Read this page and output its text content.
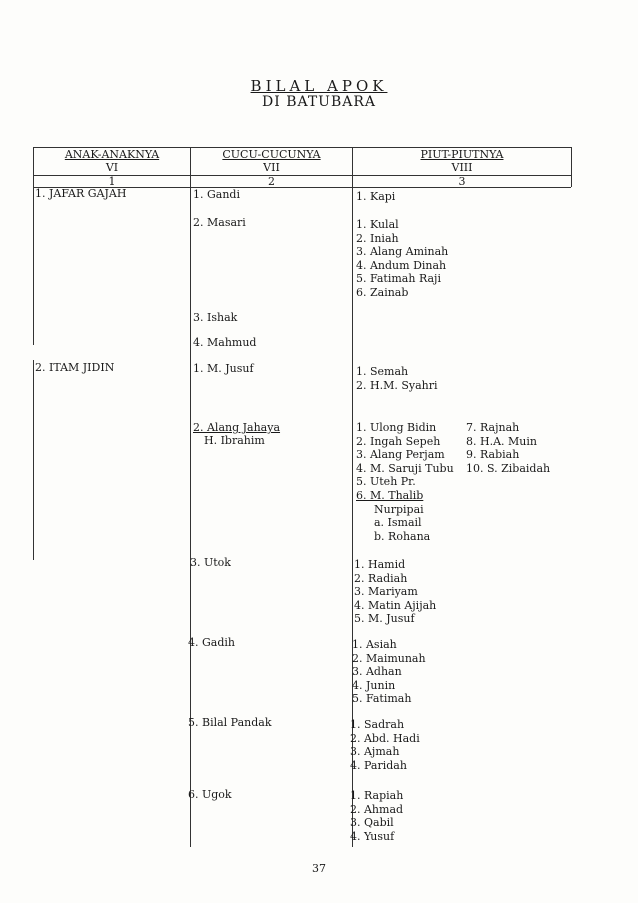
BILAL APOK
DI BATUBARA
ANAK-ANAKNYA
VI
1
CUCU-CUCUNYA
VII
2
PIUT-PIUTNYA
VIII
3
1. JAFAR GAJAH
2. ITAM JIDIN
1. Gandi
2. Masari
3. Ishak
4. Mahmud
1. M. Jusuf
2. Alang Jahaya
H. Ibrahim
3. Utok
4. Gadih
5. Bilal Pandak
6. Ugok
1. Kapi
1. Kulal
2. Iniah
3. Alang Aminah
4. Andum Dinah
5. Fatimah Raji
6. Zainab
1. Semah
2. H.M. Syahri
1. Ulong Bidin
2. Ingah Sepeh
3. Alang Perjam
4. M. Saruji Tubu
5. Uteh Pr.
6. M. Thalib
Nurpipai
a. Ismail
b. Rohana
7. Rajnah
8. H.A. Muin
9. Rabiah
10. S. Zibaidah
1. Hamid
2. Radiah
3. Mariyam
4. Matin Ajijah
5. M. Jusuf
1. Asiah
2. Maimunah
3. Adhan
4. Junin
5. Fatimah
1. Sadrah
2. Abd. Hadi
3. Ajmah
4. Paridah
1. Rapiah
2. Ahmad
3. Qabil
4. Yusuf
37
